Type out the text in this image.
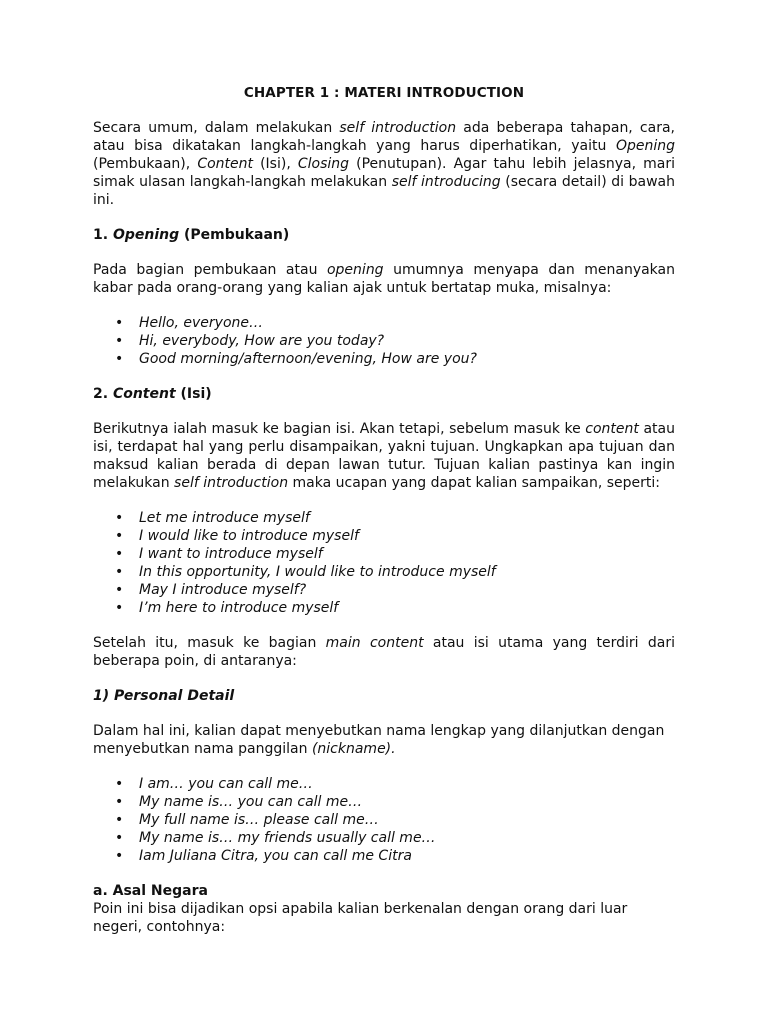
CHAPTER 1 : MATERI INTRODUCTION

Secara umum, dalam melakukan self introduction ada beberapa tahapan, cara, atau bisa dikatakan langkah-langkah yang harus diperhatikan, yaitu Opening (Pembukaan), Content (Isi), Closing (Penutupan). Agar tahu lebih jelasnya, mari simak ulasan langkah-langkah melakukan self introducing (secara detail) di bawah ini.

1. Opening (Pembukaan)

Pada bagian pembukaan atau opening umumnya menyapa dan menanyakan kabar pada orang-orang yang kalian ajak untuk bertatap muka, misalnya:

• Hello, everyone…
• Hi, everybody, How are you today?
• Good morning/afternoon/evening, How are you?

2. Content (Isi)

Berikutnya ialah masuk ke bagian isi. Akan tetapi, sebelum masuk ke content atau isi, terdapat hal yang perlu disampaikan, yakni tujuan. Ungkapkan apa tujuan dan maksud kalian berada di depan lawan tutur. Tujuan kalian pastinya kan ingin melakukan self introduction maka ucapan yang dapat kalian sampaikan, seperti:

• Let me introduce myself
• I would like to introduce myself
• I want to introduce myself
• In this opportunity, I would like to introduce myself
• May I introduce myself?
• I’m here to introduce myself

Setelah itu, masuk ke bagian main content atau isi utama yang terdiri dari beberapa poin, di antaranya:

1) Personal Detail

Dalam hal ini, kalian dapat menyebutkan nama lengkap yang dilanjutkan dengan menyebutkan nama panggilan (nickname).

• I am… you can call me…
• My name is… you can call me…
• My full name is… please call me…
• My name is… my friends usually call me…
• Iam Juliana Citra, you can call me Citra

a. Asal Negara

Poin ini bisa dijadikan opsi apabila kalian berkenalan dengan orang dari luar negeri, contohnya:
